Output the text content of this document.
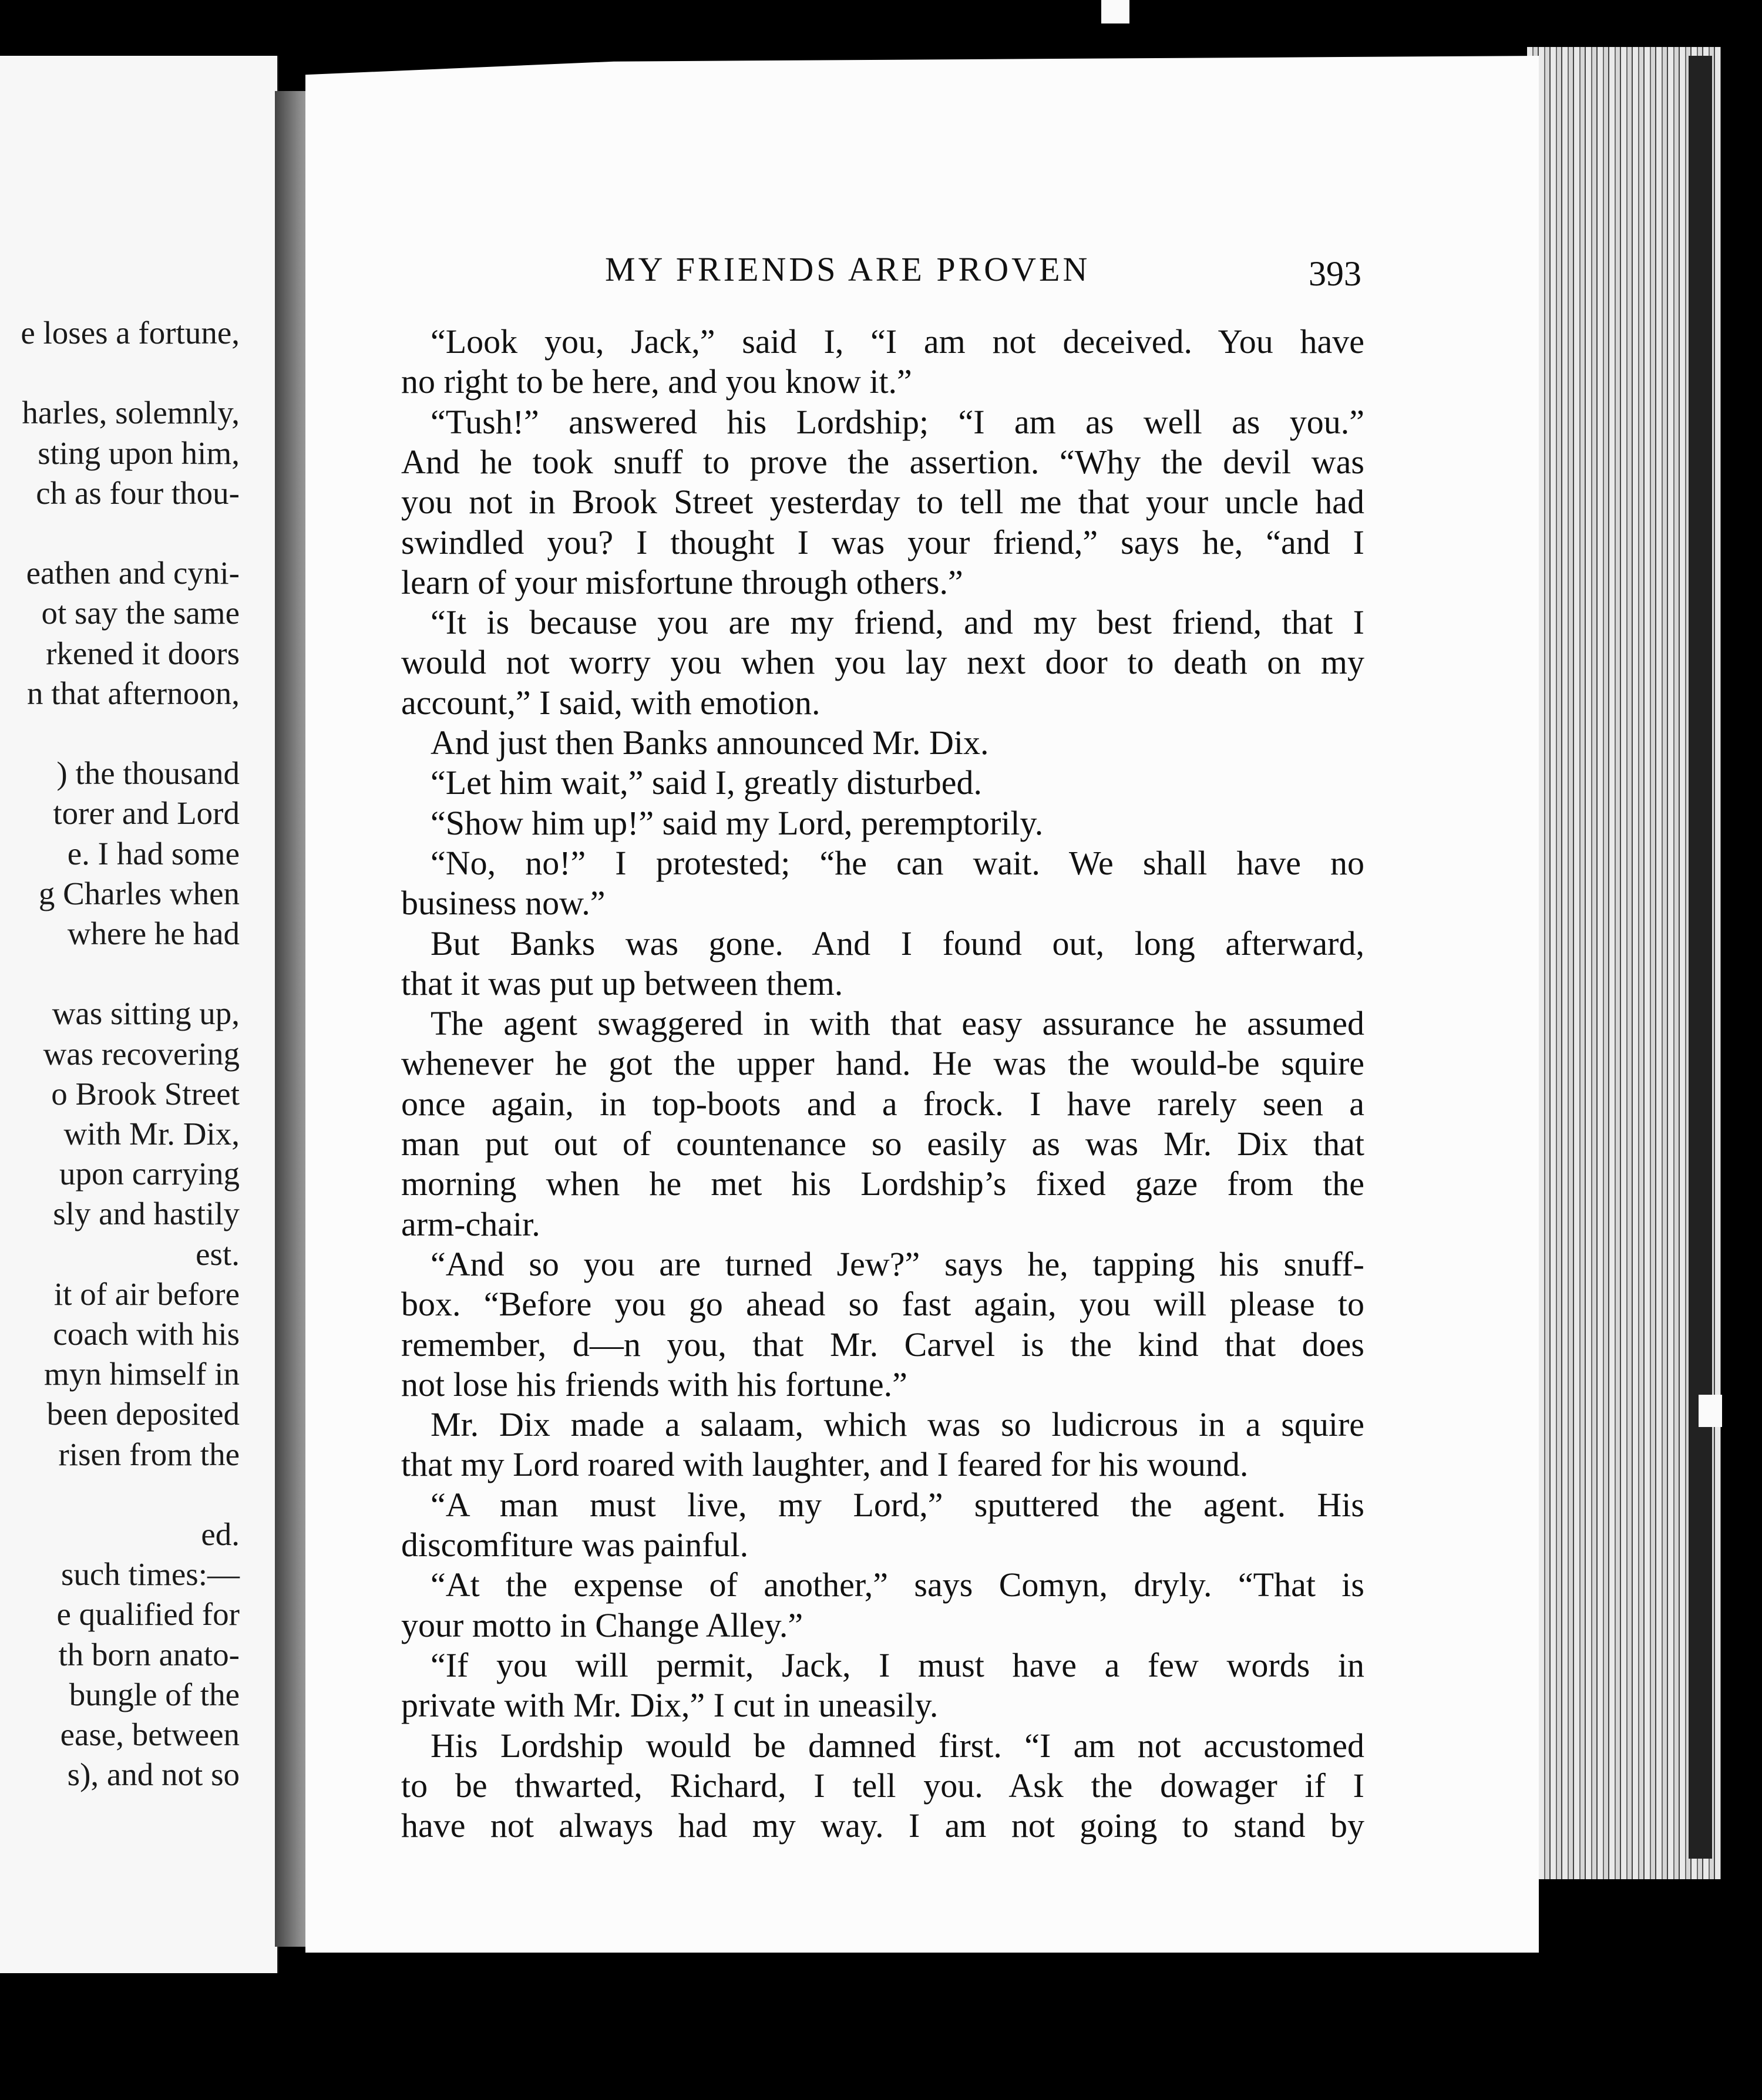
e loses a fortune,
harles, solemnly,
sting upon him,
ch as four thou-
eathen and cyni-
ot say the same
rkened it doors
n that afternoon,
) the thousand
torer and Lord
e. I had some
g Charles when
where he had
was sitting up,
was recovering
o Brook Street
with Mr. Dix,
upon carrying
sly and hastily
est.
it of air before
coach with his
myn himself in
been deposited
risen from the
ed.
such times:—
e qualified for
th born anato-
bungle of the
ease, between
s), and not so
MY FRIENDS ARE PROVEN	393
“Look you, Jack,” said I, “I am not deceived. You have
no right to be here, and you know it.”
“Tush!” answered his Lordship; “I am as well as you.”
And he took snuff to prove the assertion. “Why the devil was
you not in Brook Street yesterday to tell me that your uncle had
swindled you? I thought I was your friend,” says he, “and I
learn of your misfortune through others.”
“It is because you are my friend, and my best friend, that I
would not worry you when you lay next door to death on my
account,” I said, with emotion.
And just then Banks announced Mr. Dix.
“Let him wait,” said I, greatly disturbed.
“Show him up!” said my Lord, peremptorily.
“No, no!” I protested; “he can wait. We shall have no
business now.”
But Banks was gone. And I found out, long afterward,
that it was put up between them.
The agent swaggered in with that easy assurance he assumed
whenever he got the upper hand. He was the would-be squire
once again, in top-boots and a frock. I have rarely seen a
man put out of countenance so easily as was Mr. Dix that
morning when he met his Lordship’s fixed gaze from the
arm-chair.
“And so you are turned Jew?” says he, tapping his snuff-
box. “Before you go ahead so fast again, you will please to
remember, d—n you, that Mr. Carvel is the kind that does
not lose his friends with his fortune.”
Mr. Dix made a salaam, which was so ludicrous in a squire
that my Lord roared with laughter, and I feared for his wound.
“A man must live, my Lord,” sputtered the agent. His
discomfiture was painful.
“At the expense of another,” says Comyn, dryly. “That is
your motto in Change Alley.”
“If you will permit, Jack, I must have a few words in
private with Mr. Dix,” I cut in uneasily.
His Lordship would be damned first. “I am not accustomed
to be thwarted, Richard, I tell you. Ask the dowager if I
have not always had my way. I am not going to stand by
